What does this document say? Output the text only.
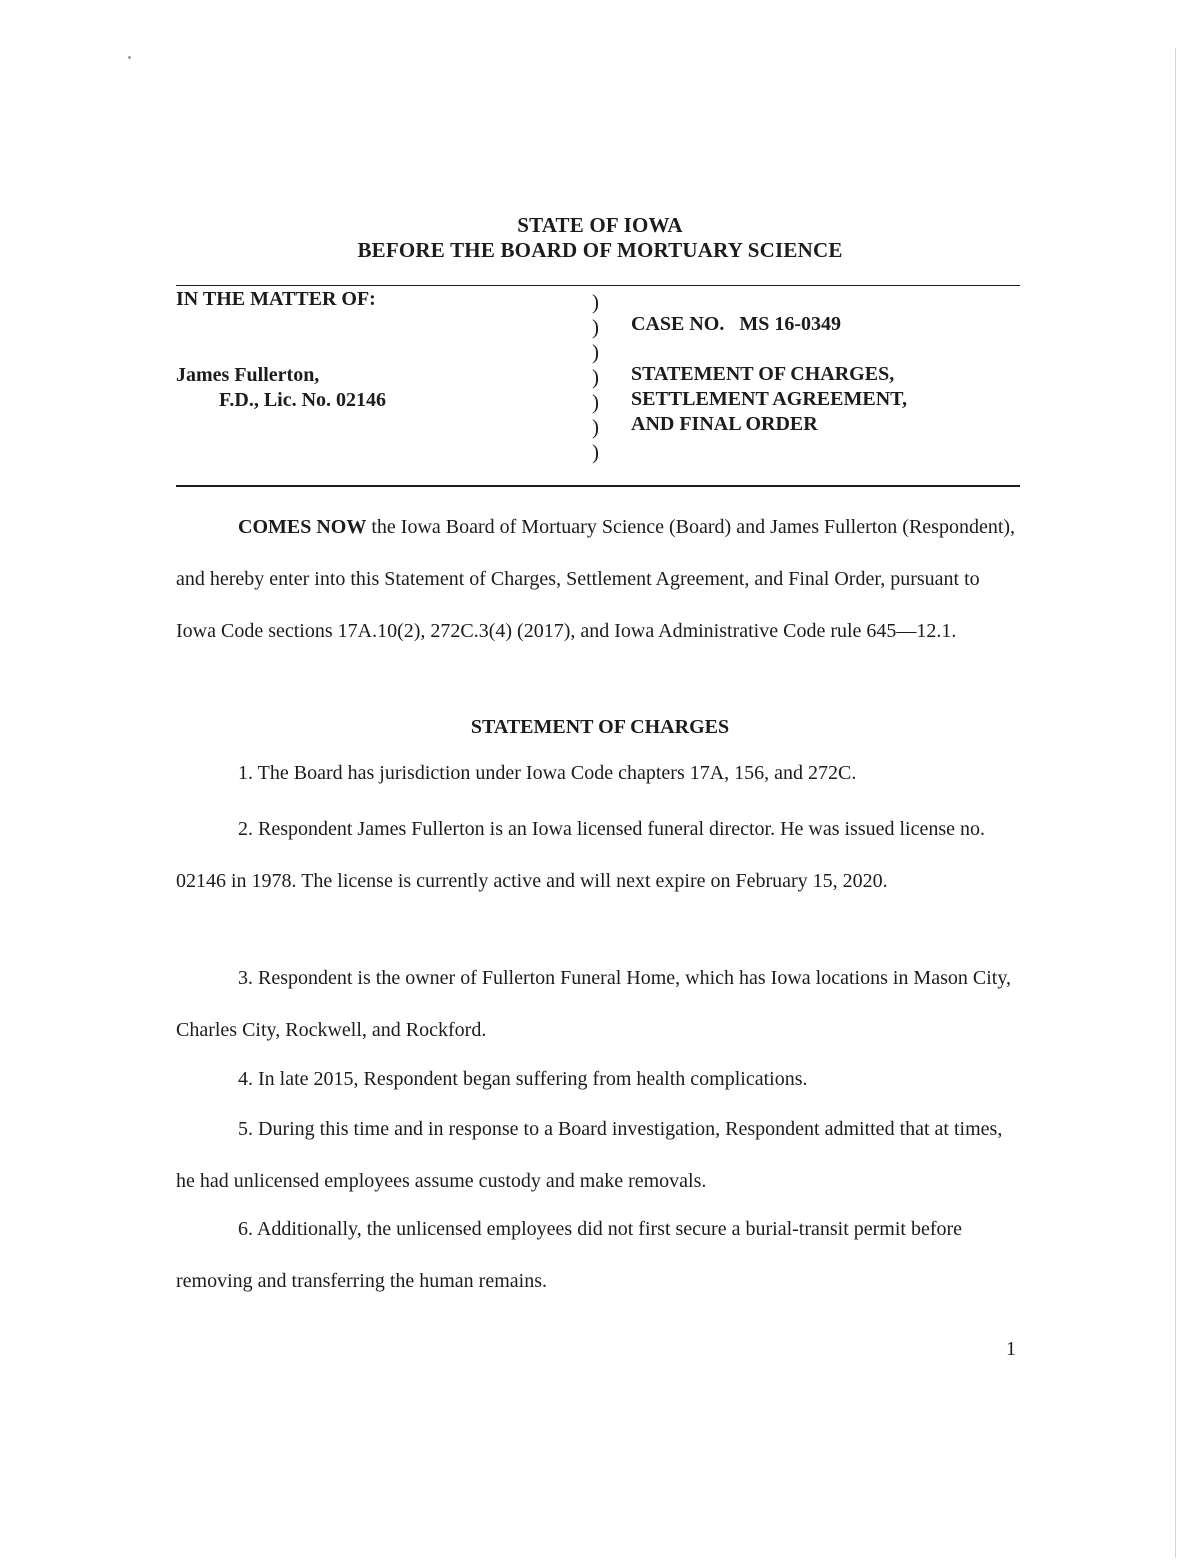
STATE OF IOWA
BEFORE THE BOARD OF MORTUARY SCIENCE
IN THE MATTER OF:
James Fullerton,
F.D., Lic. No. 02146
)
)
)
)
)
)
)
CASE NO.   MS 16-0349
STATEMENT OF CHARGES,
SETTLEMENT AGREEMENT,
AND FINAL ORDER

COMES NOW the Iowa Board of Mortuary Science (Board) and James Fullerton (Respondent), and hereby enter into this Statement of Charges, Settlement Agreement, and Final Order, pursuant to Iowa Code sections 17A.10(2), 272C.3(4) (2017), and Iowa Administrative Code rule 645—12.1.

STATEMENT OF CHARGES

1. The Board has jurisdiction under Iowa Code chapters 17A, 156, and 272C.

2. Respondent James Fullerton is an Iowa licensed funeral director. He was issued license no. 02146 in 1978. The license is currently active and will next expire on February 15, 2020.

3. Respondent is the owner of Fullerton Funeral Home, which has Iowa locations in Mason City, Charles City, Rockwell, and Rockford.

4. In late 2015, Respondent began suffering from health complications.

5. During this time and in response to a Board investigation, Respondent admitted that at times, he had unlicensed employees assume custody and make removals.

6. Additionally, the unlicensed employees did not first secure a burial-transit permit before removing and transferring the human remains.

1
